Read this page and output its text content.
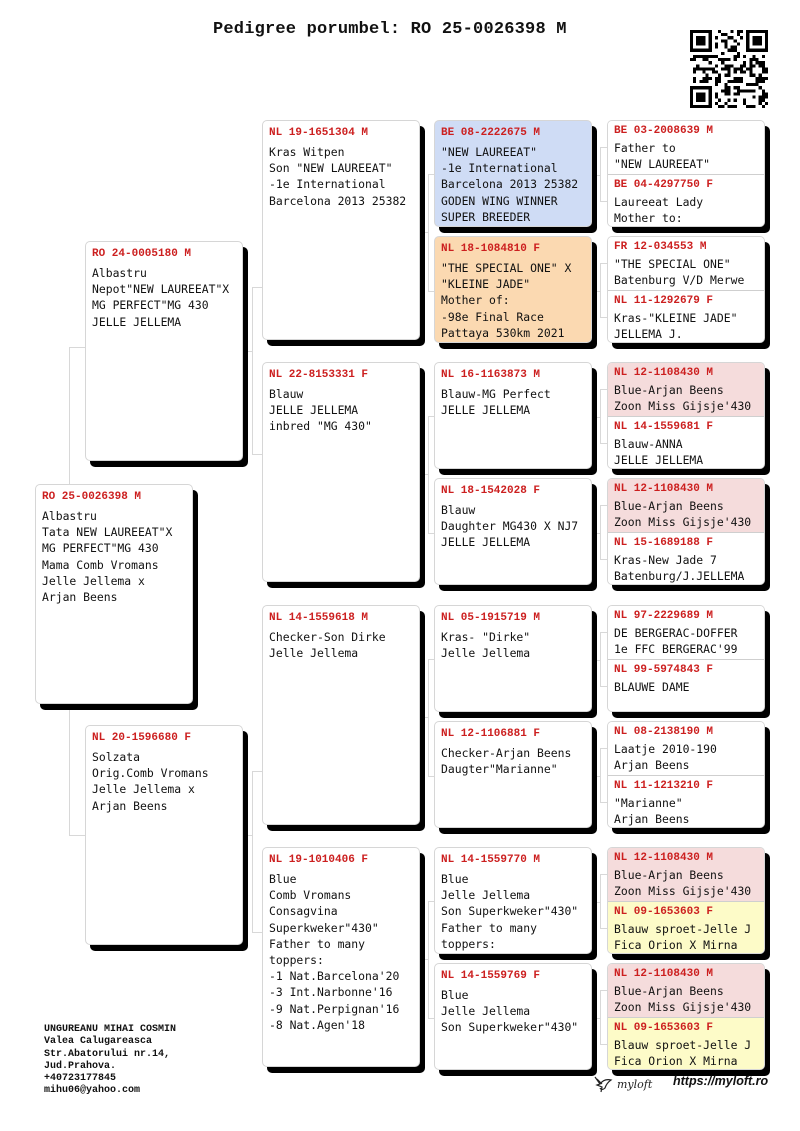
Pedigree porumbel: RO 25-0026398 M
RO 25-0026398 M
Albastru
Tata NEW LAUREEAT"X
MG PERFECT"MG 430
Mama Comb Vromans
Jelle Jellema x
Arjan Beens
RO 24-0005180 M
Albastru
Nepot"NEW LAUREEAT"X
MG PERFECT"MG 430
JELLE JELLEMA
NL 20-1596680 F
Solzata
Orig.Comb Vromans
Jelle Jellema x
Arjan Beens
NL 19-1651304 M
Kras Witpen
Son "NEW LAUREEAT"
-1e International
Barcelona 2013 25382
NL 22-8153331 F
Blauw
JELLE JELLEMA
inbred "MG 430"
NL 14-1559618 M
Checker-Son Dirke
Jelle Jellema
NL 19-1010406 F
Blue
Comb Vromans
Consagvina
Superkweker"430"
Father to many
toppers:
-1 Nat.Barcelona'20
-3 Int.Narbonne'16
-9 Nat.Perpignan'16
-8 Nat.Agen'18
BE 08-2222675 M
"NEW LAUREEAT"
-1e International
Barcelona 2013 25382
GODEN WING WINNER
SUPER BREEDER
NL 18-1084810 F
"THE SPECIAL ONE" X
"KLEINE JADE"
Mother of:
-98e Final Race
Pattaya 530km 2021
NL 16-1163873 M
Blauw-MG Perfect
JELLE JELLEMA
NL 18-1542028 F
Blauw
Daughter MG430 X NJ7
JELLE JELLEMA
NL 05-1915719 M
Kras- "Dirke"
Jelle Jellema
NL 12-1106881 F
Checker-Arjan Beens
Daugter"Marianne"
NL 14-1559770 M
Blue
Jelle Jellema
Son Superkweker"430"
Father to many
toppers:
NL 14-1559769 F
Blue
Jelle Jellema
Son Superkweker"430"
BE 03-2008639 M
Father to
"NEW LAUREEAT"
BE 04-4297750 F
Laureeat Lady
Mother to:
FR 12-034553 M
"THE SPECIAL ONE"
Batenburg V/D Merwe
NL 11-1292679 F
Kras-"KLEINE JADE"
JELLEMA J.
NL 12-1108430 M
Blue-Arjan Beens
Zoon Miss Gijsje'430
NL 14-1559681 F
Blauw-ANNA
JELLE JELLEMA
NL 12-1108430 M
Blue-Arjan Beens
Zoon Miss Gijsje'430
NL 15-1689188 F
Kras-New Jade 7
Batenburg/J.JELLEMA
NL 97-2229689 M
DE BERGERAC-DOFFER
1e FFC BERGERAC'99
NL 99-5974843 F
BLAUWE DAME
NL 08-2138190 M
Laatje 2010-190
Arjan Beens
NL 11-1213210 F
"Marianne"
Arjan Beens
NL 12-1108430 M
Blue-Arjan Beens
Zoon Miss Gijsje'430
NL 09-1653603 F
Blauw sproet-Jelle J
Fica Orion X Mirna
NL 12-1108430 M
Blue-Arjan Beens
Zoon Miss Gijsje'430
NL 09-1653603 F
Blauw sproet-Jelle J
Fica Orion X Mirna
UNGUREANU MIHAI COSMIN
Valea Calugareasca
Str.Abatorului nr.14,
Jud.Prahova.
+40723177845
mihu06@yahoo.com
myloft https://myloft.ro
